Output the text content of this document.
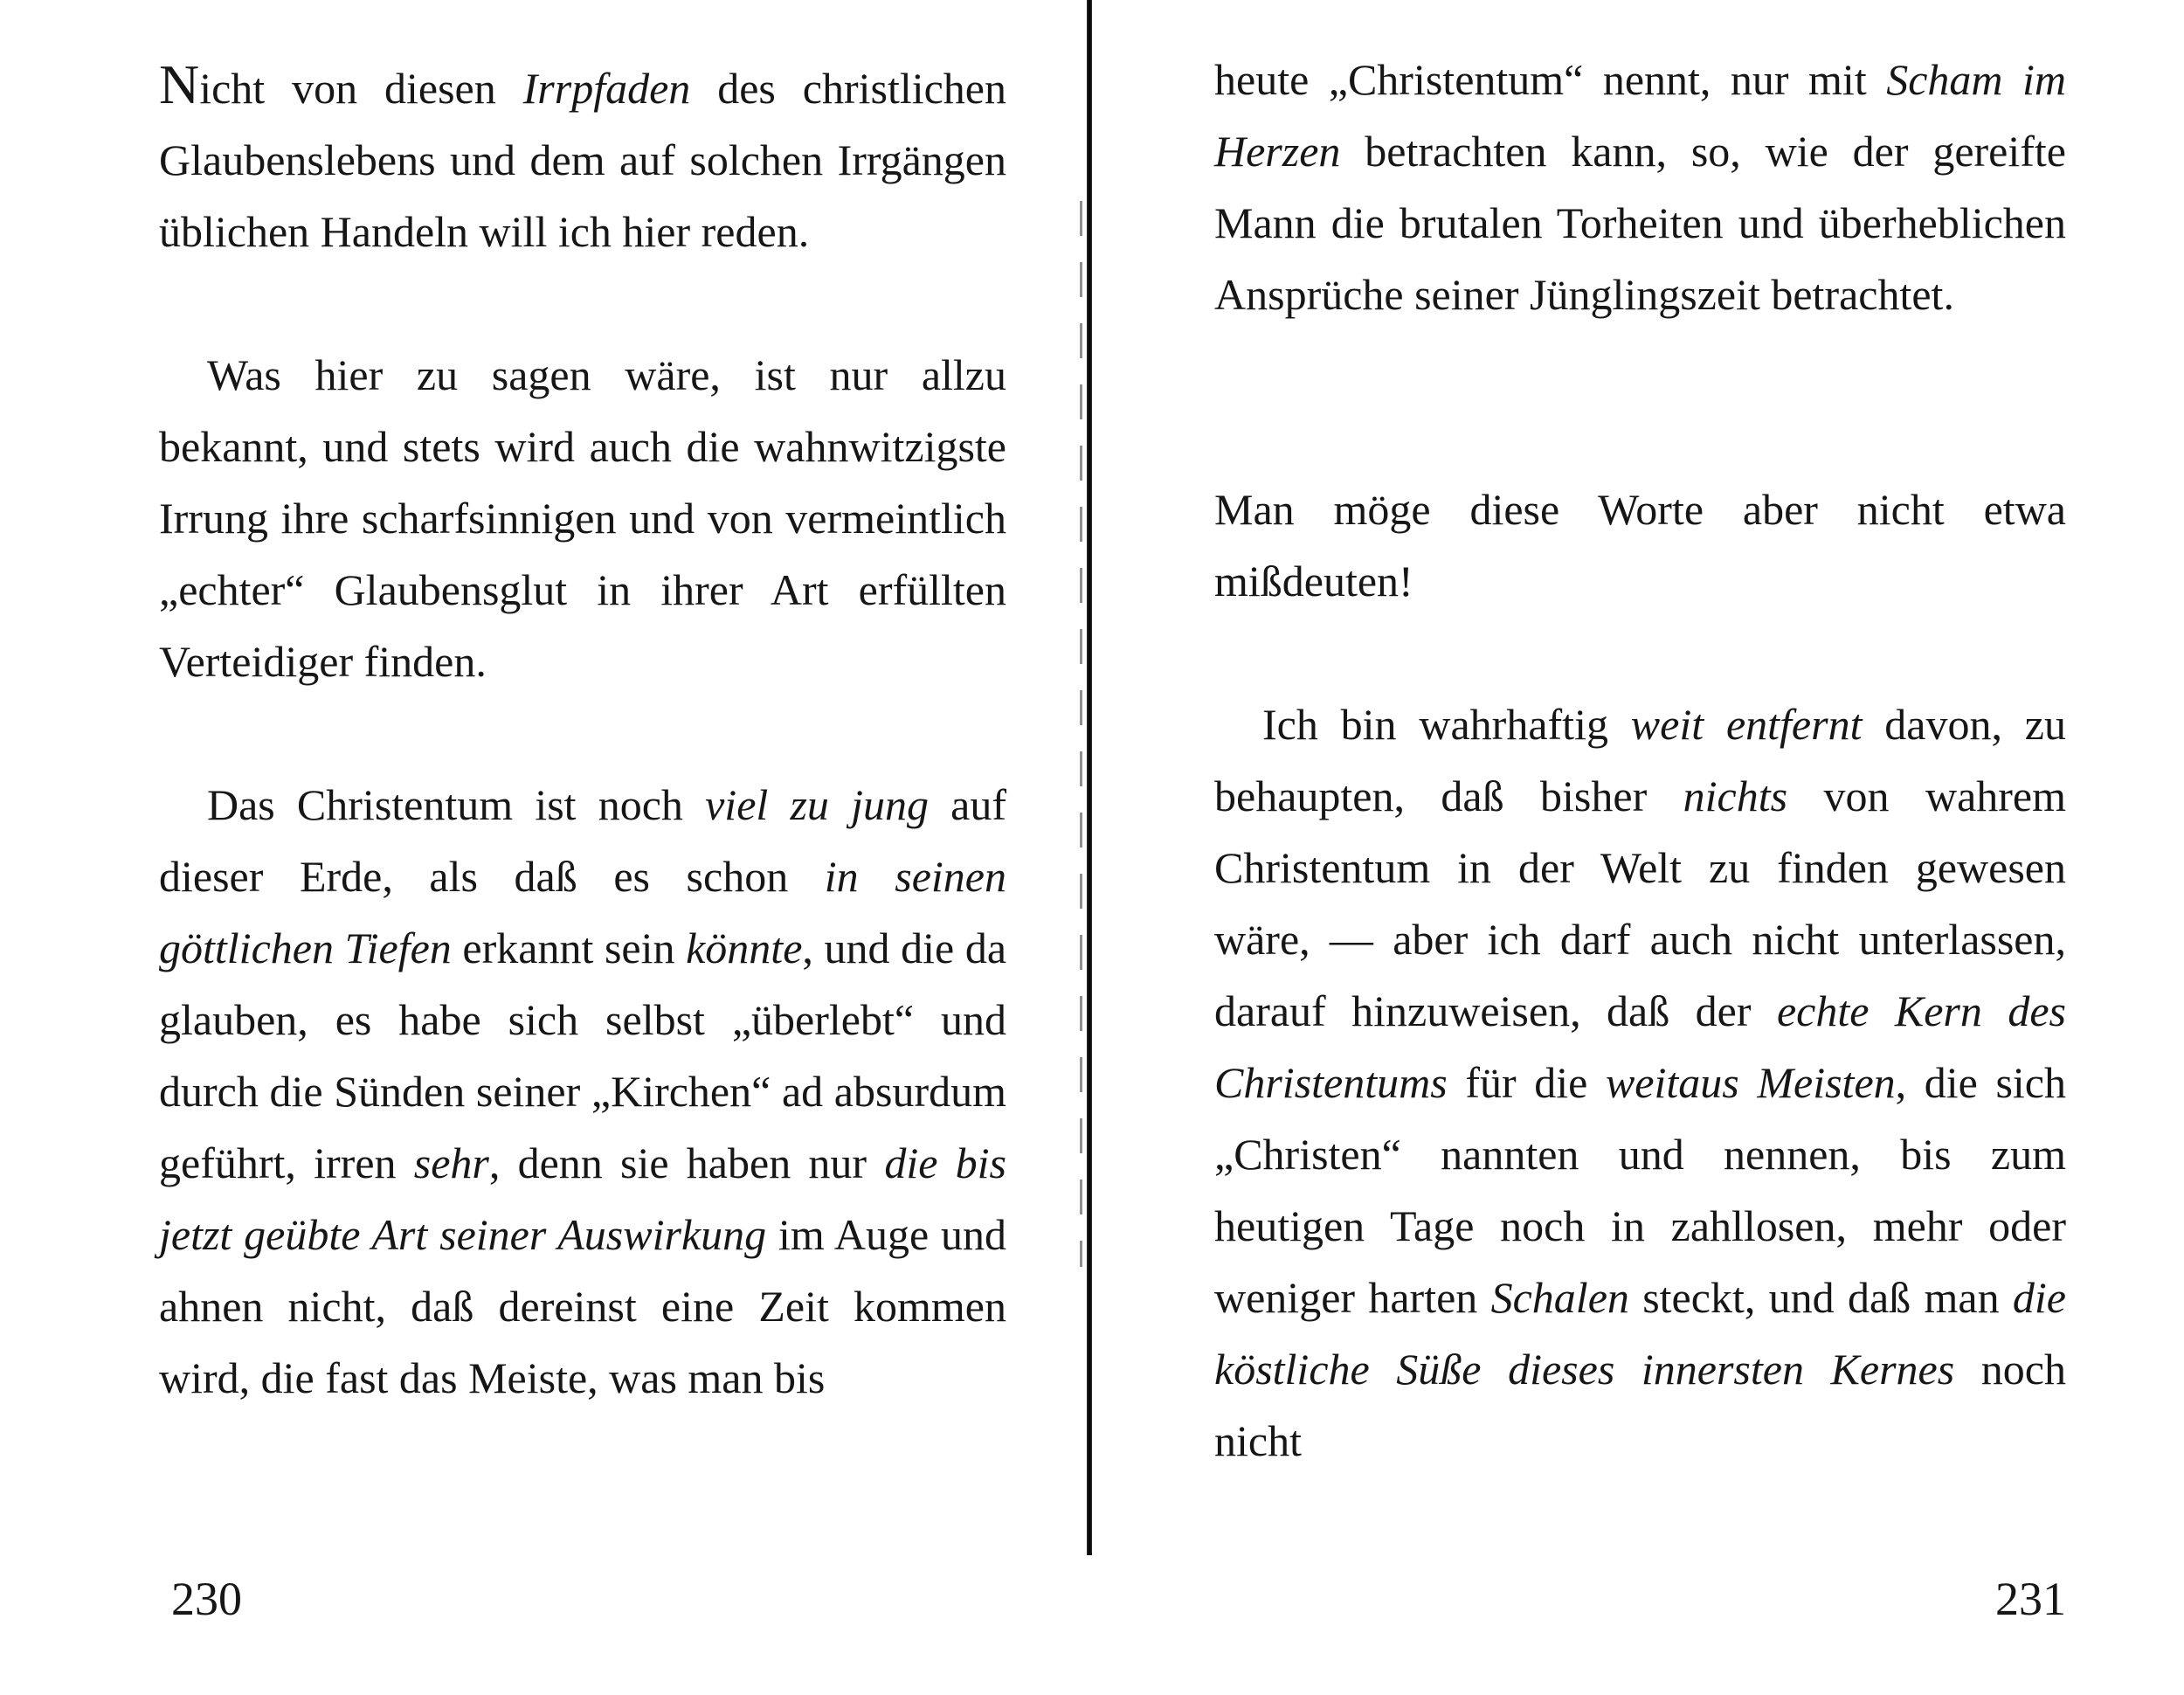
Nicht von diesen Irrpfaden des christlichen Glaubenslebens und dem auf solchen Irrgängen üblichen Handeln will ich hier reden.

Was hier zu sagen wäre, ist nur allzu bekannt, und stets wird auch die wahnwitzigste Irrung ihre scharfsinnigen und von vermeintlich „echter“ Glaubensglut in ihrer Art erfüllten Verteidiger finden.

Das Christentum ist noch viel zu jung auf dieser Erde, als daß es schon in seinen göttlichen Tiefen erkannt sein könnte, und die da glauben, es habe sich selbst „überlebt“ und durch die Sünden seiner „Kirchen“ ad absurdum geführt, irren sehr, denn sie haben nur die bis jetzt geübte Art seiner Auswirkung im Auge und ahnen nicht, daß dereinst eine Zeit kommen wird, die fast das Meiste, was man bis

230

heute „Christentum“ nennt, nur mit Scham im Herzen betrachten kann, so, wie der gereifte Mann die brutalen Torheiten und überheblichen Ansprüche seiner Jünglingszeit betrachtet.

Man möge diese Worte aber nicht etwa mißdeuten!

Ich bin wahrhaftig weit entfernt davon, zu behaupten, daß bisher nichts von wahrem Christentum in der Welt zu finden gewesen wäre, — aber ich darf auch nicht unterlassen, darauf hinzuweisen, daß der echte Kern des Christentums für die weitaus Meisten, die sich „Christen“ nannten und nennen, bis zum heutigen Tage noch in zahllosen, mehr oder weniger harten Schalen steckt, und daß man die köstliche Süße dieses innersten Kernes noch nicht

231
